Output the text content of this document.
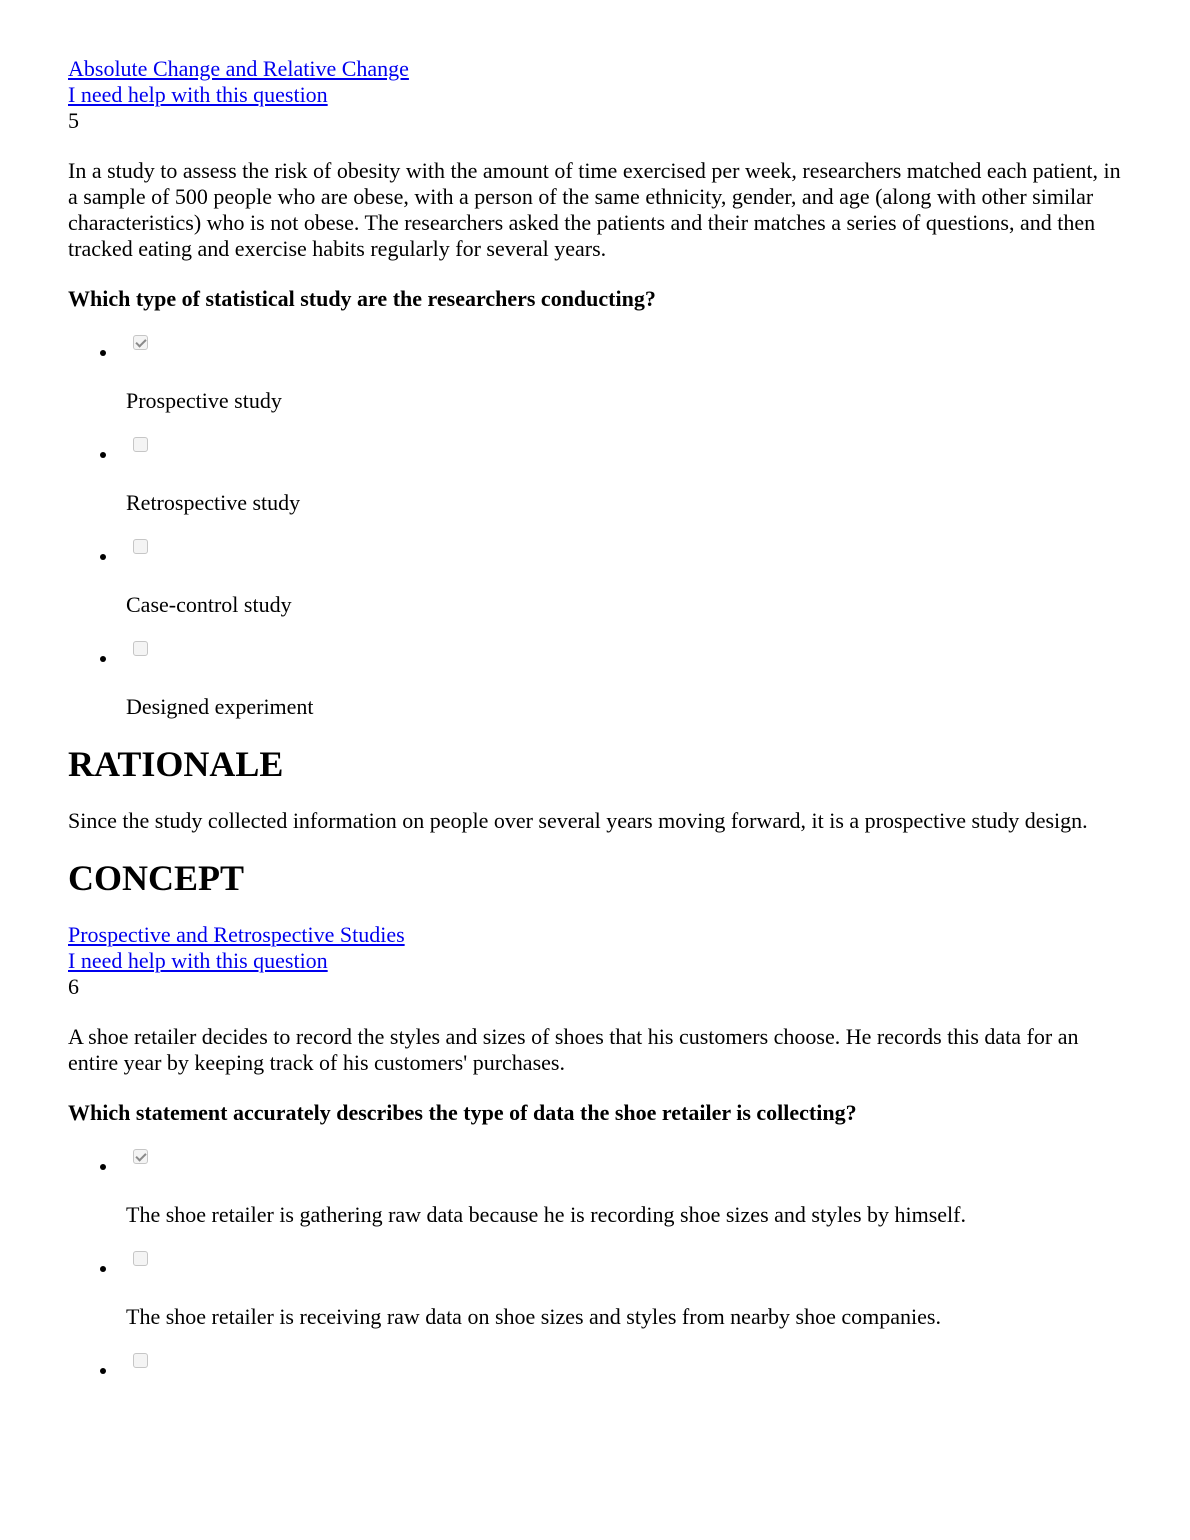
Absolute Change and Relative Change
I need help with this question
5

In a study to assess the risk of obesity with the amount of time exercised per week, researchers matched each patient, in a sample of 500 people who are obese, with a person of the same ethnicity, gender, and age (along with other similar characteristics) who is not obese. The researchers asked the patients and their matches a series of questions, and then tracked eating and exercise habits regularly for several years.

Which type of statistical study are the researchers conducting?

Prospective study
Retrospective study
Case-control study
Designed experiment
RATIONALE

Since the study collected information on people over several years moving forward, it is a prospective study design.

CONCEPT
Prospective and Retrospective Studies
I need help with this question
6

A shoe retailer decides to record the styles and sizes of shoes that his customers choose. He records this data for an entire year by keeping track of his customers' purchases.

Which statement accurately describes the type of data the shoe retailer is collecting?

The shoe retailer is gathering raw data because he is recording shoe sizes and styles by himself.
The shoe retailer is receiving raw data on shoe sizes and styles from nearby shoe companies.
